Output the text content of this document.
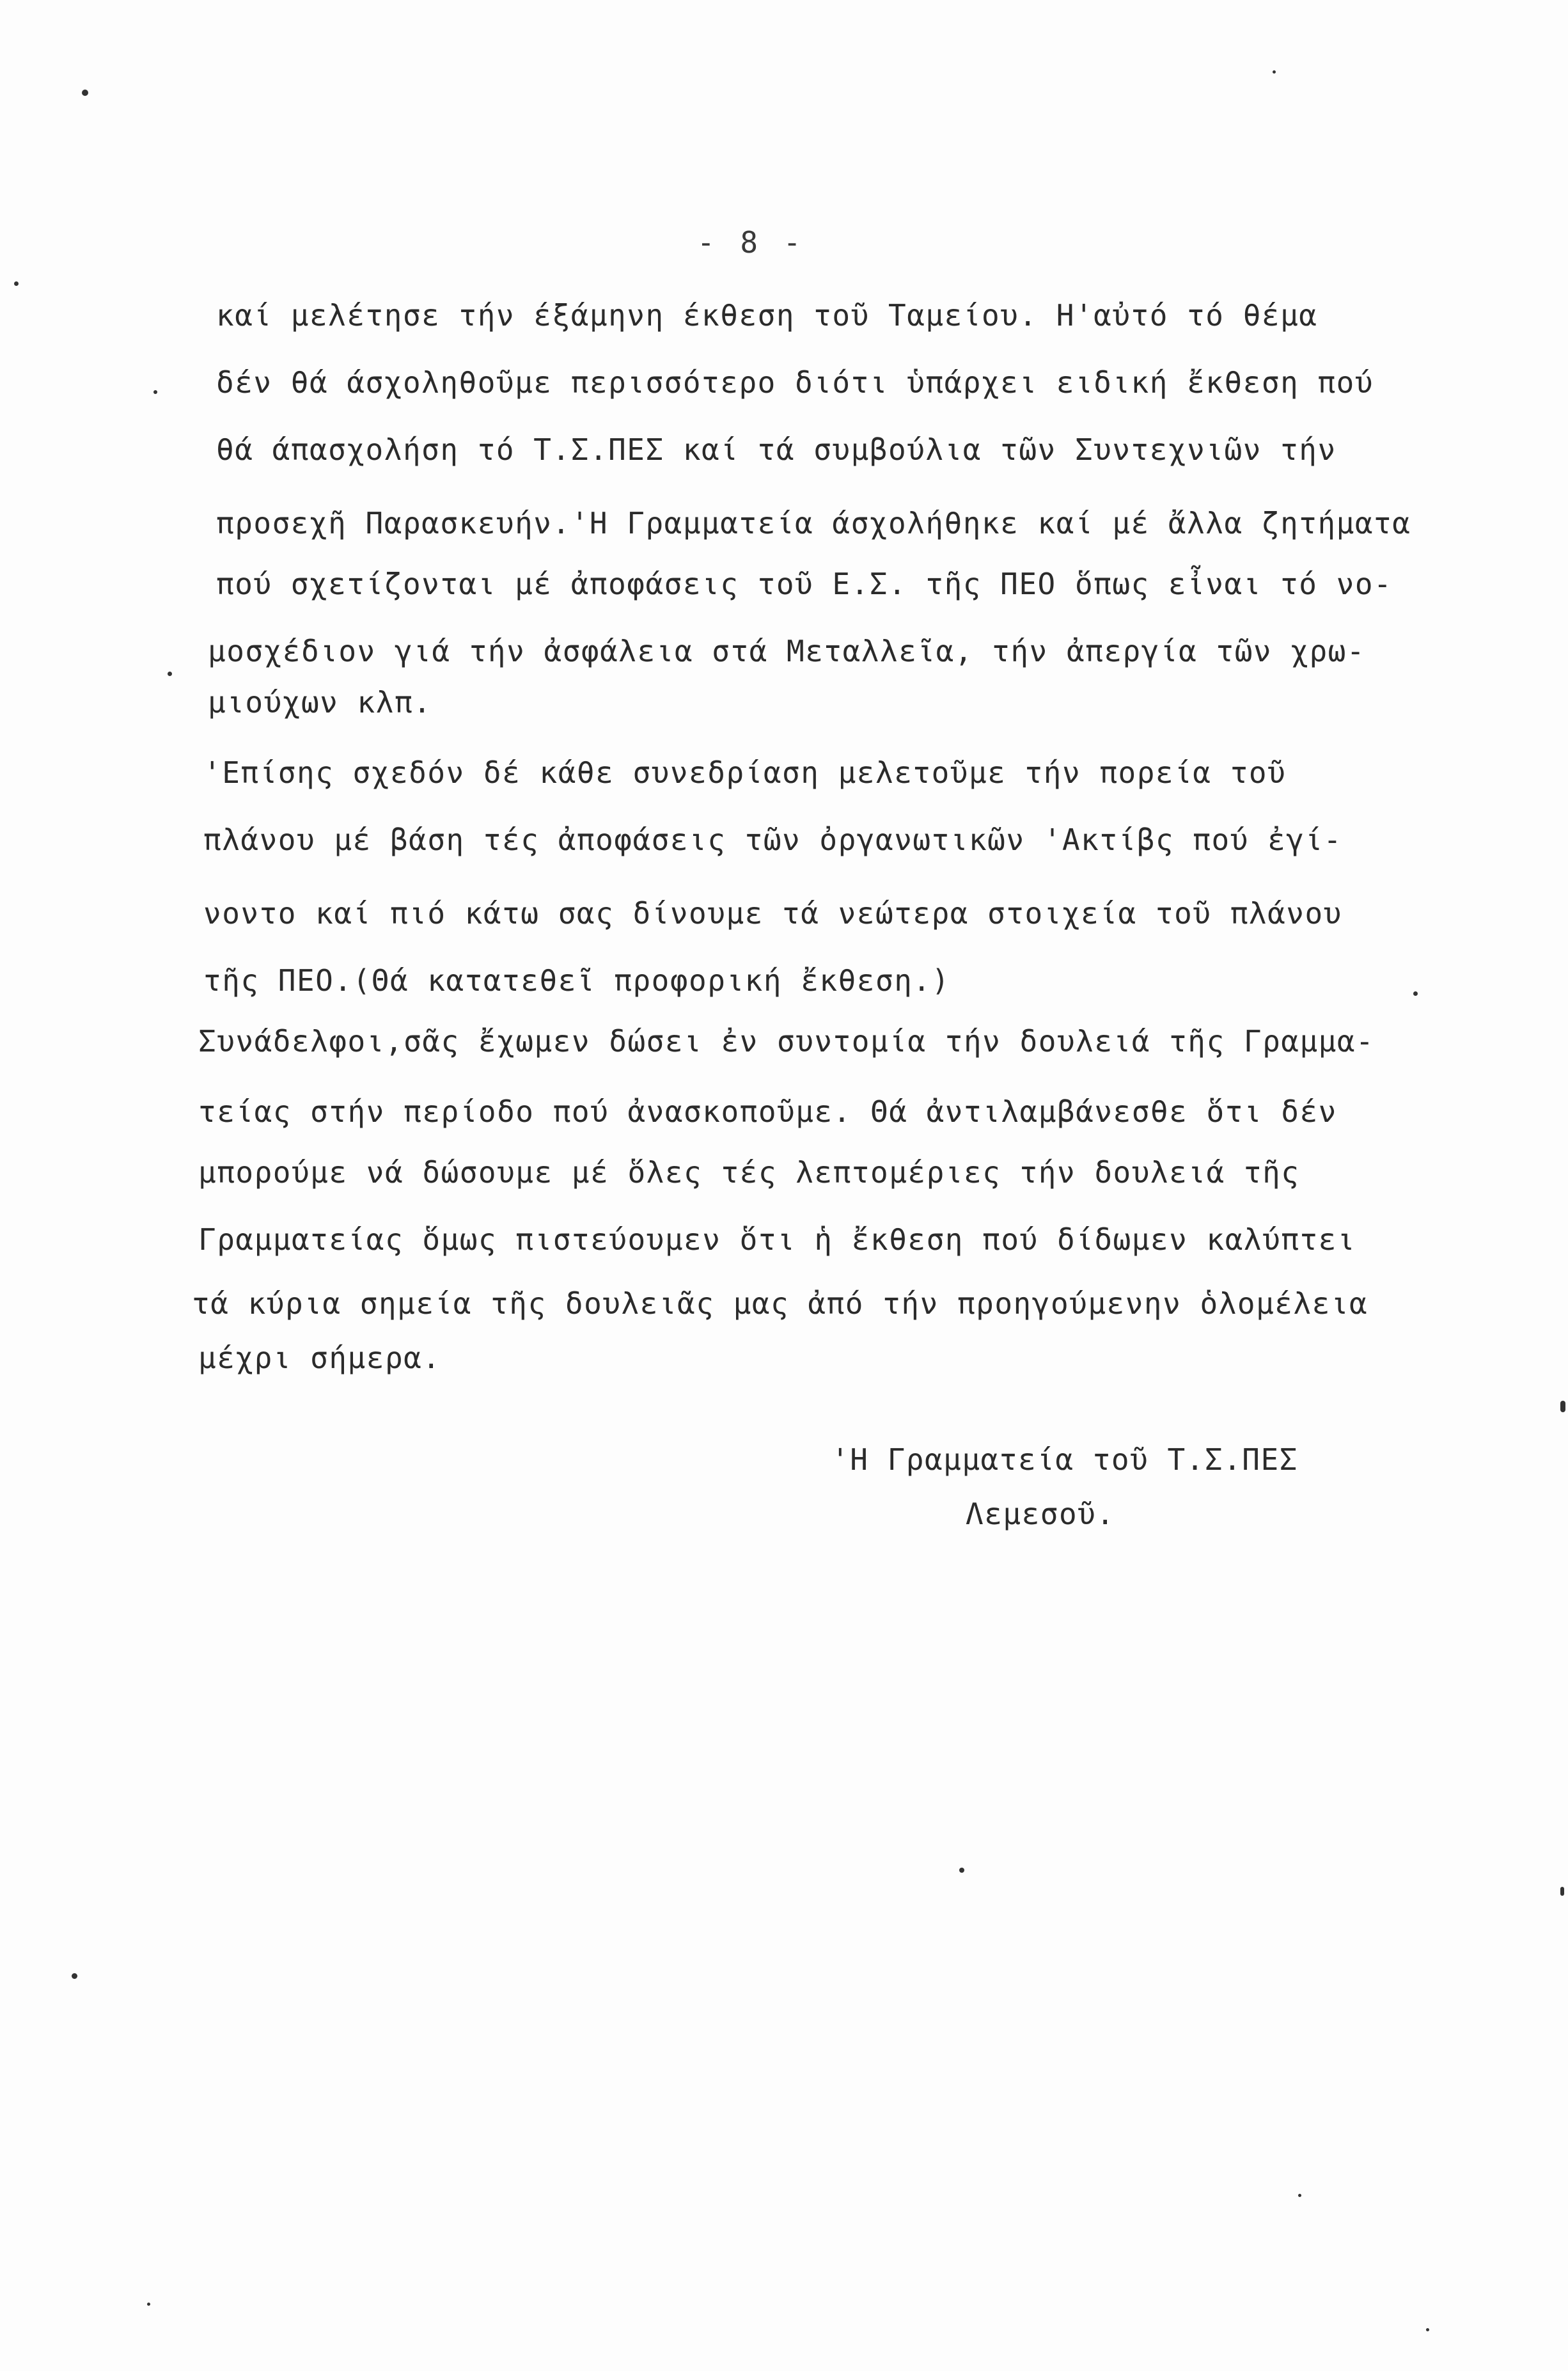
- 8 -
καί μελέτησε τήν έξάμηνη έκθεση τοῦ Ταμείου. Η'αὐτό τό θέμα
δέν θά άσχοληθοῦμε περισσότερο διότι ὑπάρχει ειδική ἔκθεση πού
θά άπασχολήση τό Τ.Σ.ΠΕΣ καί τά συμβούλια τῶν Συντεχνιῶν τήν
προσεχῆ Παρασκευήν.'Η Γραμματεία άσχολήθηκε καί μέ ἄλλα ζητήματα
πού σχετίζονται μέ ἀποφάσεις τοῦ Ε.Σ. τῆς ΠΕΟ ὅπως εἶναι τό νο-
μοσχέδιον γιά τήν ἀσφάλεια στά Μεταλλεῖα, τήν ἀπεργία τῶν χρω-
μιούχων κλπ.
'Επίσης σχεδόν δέ κάθε συνεδρίαση μελετοῦμε τήν πορεία τοῦ
πλάνου μέ βάση τές ἀποφάσεις τῶν ὀργανωτικῶν 'Ακτίβς πού ἐγί-
νοντο καί πιό κάτω σας δίνουμε τά νεώτερα στοιχεία τοῦ πλάνου
τῆς ΠΕΟ.(Θά κατατεθεῖ προφορική ἔκθεση.)
Συνάδελφοι,σᾶς ἔχωμεν δώσει ἐν συντομία τήν δουλειά τῆς Γραμμα-
τείας στήν περίοδο πού ἀνασκοποῦμε. Θά ἀντιλαμβάνεσθε ὅτι δέν
μπορούμε νά δώσουμε μέ ὅλες τές λεπτομέριες τήν δουλειά τῆς
Γραμματείας ὅμως πιστεύουμεν ὅτι ἡ ἔκθεση πού δίδωμεν καλύπτει
τά κύρια σημεία τῆς δουλειᾶς μας ἀπό τήν προηγούμενην ὁλομέλεια
μέχρι σήμερα.
'Η Γραμματεία τοῦ Τ.Σ.ΠΕΣ
Λεμεσοῦ.
